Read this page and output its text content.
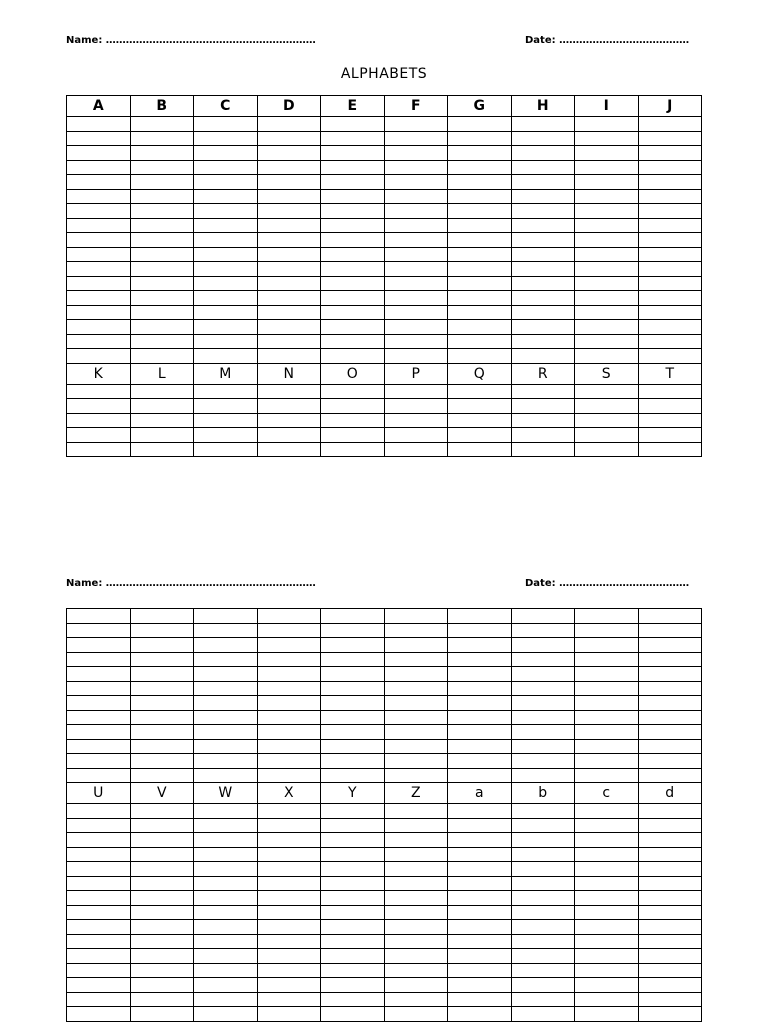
Name: ………………………………………………………	Date: …………………………………
ALPHABETS
A	B	C	D	E	F	G	H	I	J

K	L	M	N	O	P	Q	R	S	T

Name: ………………………………………………………	Date: …………………………………

U	V	W	X	Y	Z	a	b	c	d
